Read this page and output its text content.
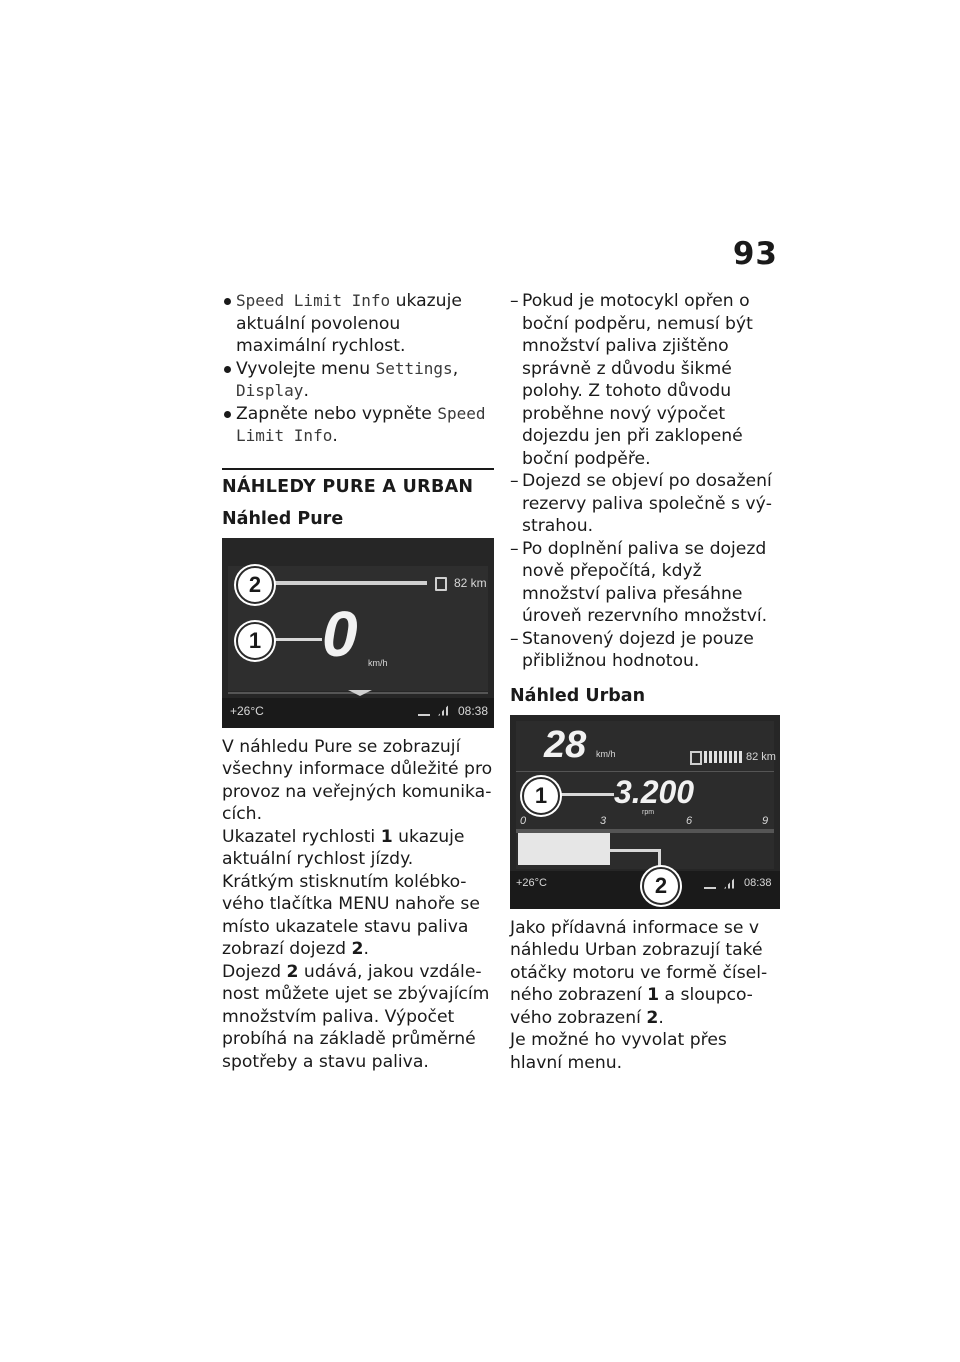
93

Speed Limit Info ukazuje aktuální povolenou maximální rychlost.

Vyvolejte menu Settings, Display.

Zapněte nebo vypněte Speed Limit Info.

NÁHLEDY PURE A URBAN
Náhled Pure
82 km
0 km/h
+26°C	08:38
2
1

V náhledu Pure se zobrazují všechny informace důležité pro provoz na veřejných komunikacích.

Ukazatel rychlosti 1 ukazuje aktuální rychlost jízdy.

Krátkým stisknutím kolébkového tlačítka MENU nahoře se místo ukazatele stavu paliva zobrazí dojezd 2.

Dojezd 2 udává, jakou vzdálenost můžete ujet se zbývajícím množstvím paliva. Výpočet probíhá na základě průměrné spotřeby a stavu paliva.

– Pokud je motocykl opřen o boční podpěru, nemusí být množství paliva zjištěno správně z důvodu šikmé polohy. Z tohoto důvodu proběhne nový výpočet dojezdu jen při zaklopené boční podpěře.

– Dojezd se objeví po dosažení rezervy paliva společně s výstrahou.

– Po doplnění paliva se dojezd nově přepočítá, když množství paliva přesáhne úroveň rezervního množství.

– Stanovený dojezd je pouze přibližnou hodnotou.

Náhled Urban
28 km/h	82 km
3.200
rpm
0	3	6	9
+26°C	08:38
1
2

Jako přídavná informace se v náhledu Urban zobrazují také otáčky motoru ve formě číselného zobrazení 1 a sloupcového zobrazení 2.

Je možné ho vyvolat přes hlavní menu.
